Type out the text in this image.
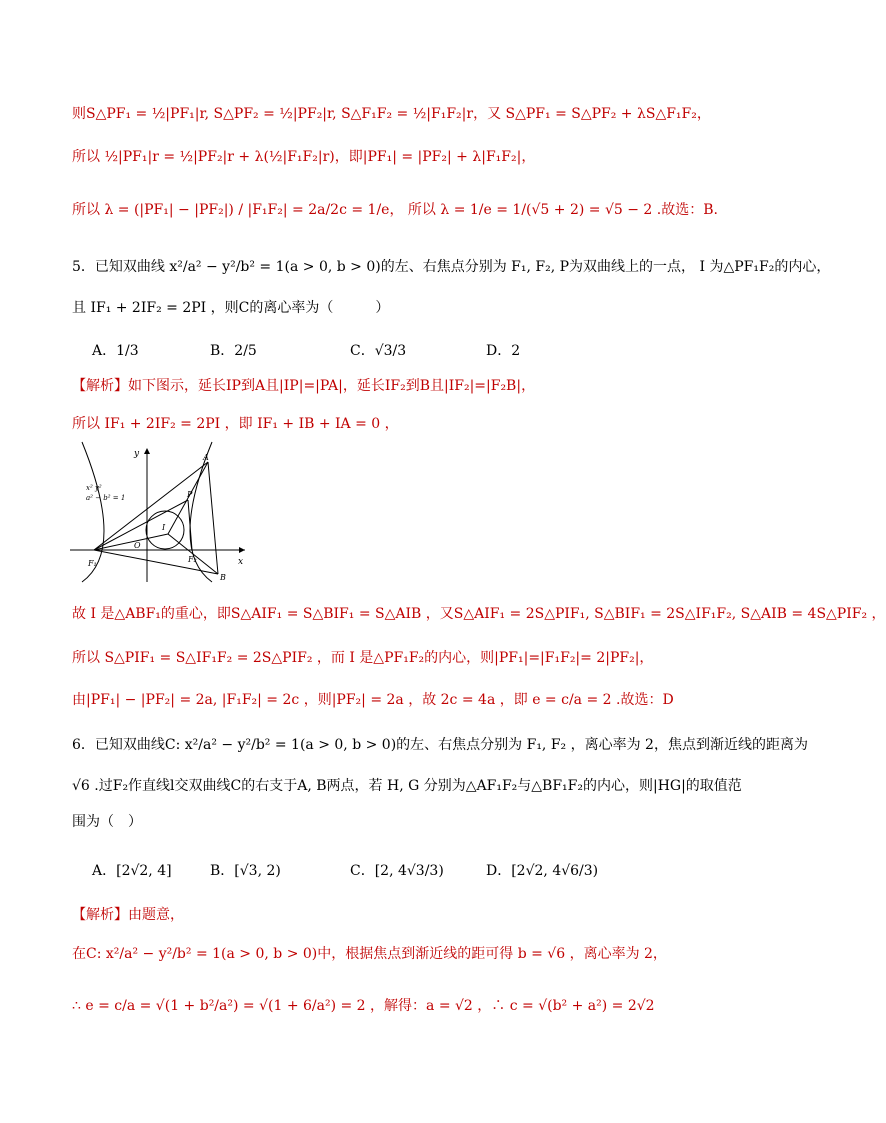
则S△PF₁ = ½|PF₁|r, S△PF₂ = ½|PF₂|r, S△F₁F₂ = ½|F₁F₂|r，又 S△PF₁ = S△PF₂ + λS△F₁F₂，
所以 ½|PF₁|r = ½|PF₂|r + λ(½|F₁F₂|r)，即|PF₁| = |PF₂| + λ|F₁F₂|，
所以 λ = (|PF₁| − |PF₂|) / |F₁F₂| = 2a/2c = 1/e， 所以 λ = 1/e = 1/(√5 + 2) = √5 − 2 .故选：B.
5．已知双曲线 x²/a² − y²/b² = 1(a > 0, b > 0)的左、右焦点分别为 F₁, F₂, P为双曲线上的一点， I 为△PF₁F₂的内心，
且 IF₁ + 2IF₂ = 2PI ，则C的离心率为（　　　）
A．1/3	B．2/5	C．√3/3	D．2
【解析】如下图示，延长IP到A且|IP|=|PA|，延长IF₂到B且|IF₂|=|F₂B|，
所以 IF₁ + 2IF₂ = 2PI ，即 IF₁ + IB + IA = 0 ，
y
x
x² y²
a² − b² = 1
A
P
I
O
F₁	F₂
B
故 I 是△ABF₁的重心，即S△AIF₁ = S△BIF₁ = S△AIB ，又S△AIF₁ = 2S△PIF₁, S△BIF₁ = 2S△IF₁F₂, S△AIB = 4S△PIF₂ ，
所以 S△PIF₁ = S△IF₁F₂ = 2S△PIF₂ ，而 I 是△PF₁F₂的内心，则|PF₁|=|F₁F₂|= 2|PF₂|，
由|PF₁| − |PF₂| = 2a, |F₁F₂| = 2c ，则|PF₂| = 2a ，故 2c = 4a ，即 e = c/a = 2 .故选：D
6．已知双曲线C: x²/a² − y²/b² = 1(a > 0, b > 0)的左、右焦点分别为 F₁, F₂ ，离心率为 2，焦点到渐近线的距离为
√6 .过F₂作直线l交双曲线C的右支于A, B两点，若 H, G 分别为△AF₁F₂与△BF₁F₂的内心，则|HG|的取值范
围为（　）
A．[2√2, 4]	B．[√3, 2)	C．[2, 4√3/3)	D．[2√2, 4√6/3)
【解析】由题意，
在C: x²/a² − y²/b² = 1(a > 0, b > 0)中，根据焦点到渐近线的距可得 b = √6 ，离心率为 2，
∴ e = c/a = √(1 + b²/a²) = √(1 + 6/a²) = 2 ，解得：a = √2 ，∴ c = √(b² + a²) = 2√2
